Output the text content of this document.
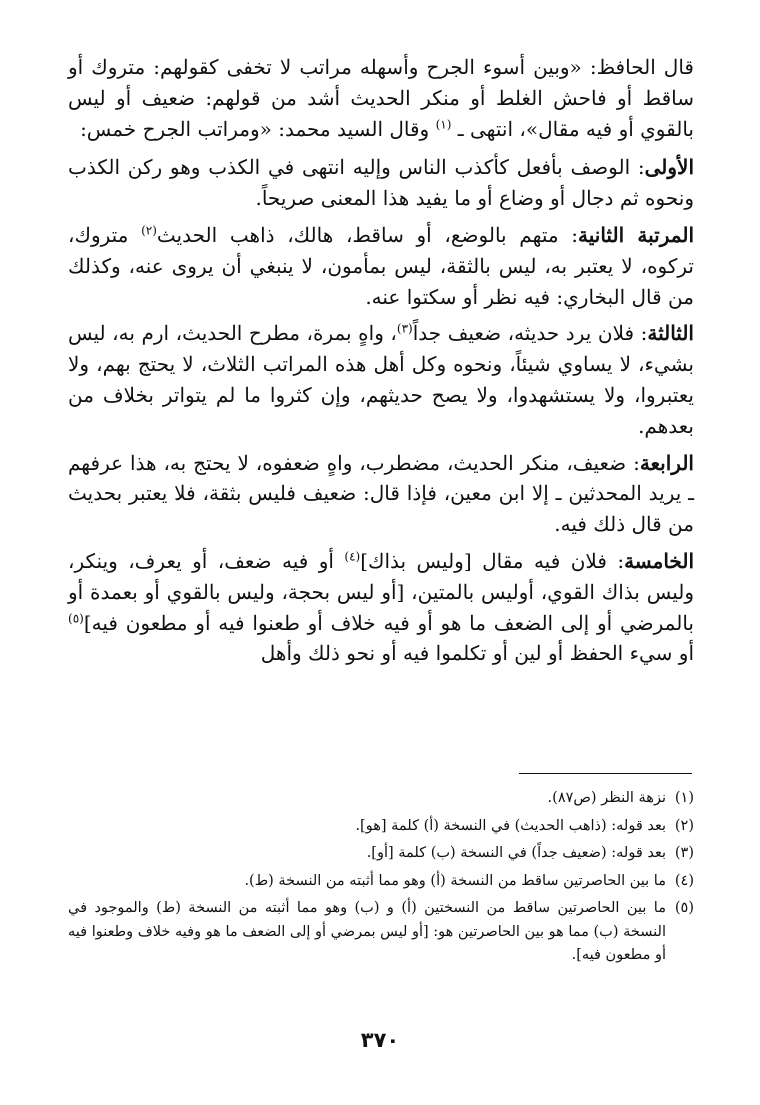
قال الحافظ: «وبين أسوء الجرح وأسهله مراتب لا تخفى كقولهم: متروك أو ساقط أو فاحش الغلط أو منكر الحديث أشد من قولهم: ضعيف أو ليس بالقوي أو فيه مقال»، انتهى ـ $^{(١)}$ وقال السيد محمد: «ومراتب الجرح خمس:

الأولى: الوصف بأفعل كأكذب الناس وإليه انتهى في الكذب وهو ركن الكذب ونحوه ثم دجال أو وضاع أو ما يفيد هذا المعنى صريحاً.

المرتبة الثانية: متهم بالوضع، أو ساقط، هالك، ذاهب الحديث$^{(٢)}$ متروك، تركوه، لا يعتبر به، ليس بالثقة، ليس بمأمون، لا ينبغي أن يروى عنه، وكذلك من قال البخاري: فيه نظر أو سكتوا عنه.

الثالثة: فلان يرد حديثه، ضعيف جداً$^{(٣)}$، واهٍ بمرة، مطرح الحديث، ارم به، ليس بشيء، لا يساوي شيئاً، ونحوه وكل أهل هذه المراتب الثلاث، لا يحتج بهم، ولا يعتبروا، ولا يستشهدوا، ولا يصح حديثهم، وإن كثروا ما لم يتواتر بخلاف من بعدهم.

الرابعة: ضعيف، منكر الحديث، مضطرب، واهٍ ضعفوه، لا يحتج به، هذا عرفهم ـ يريد المحدثين ـ إلا ابن معين، فإذا قال: ضعيف فليس بثقة، فلا يعتبر بحديث من قال ذلك فيه.

الخامسة: فلان فيه مقال [وليس بذاك]$^{(٤)}$ أو فيه ضعف، أو يعرف، وينكر، وليس بذاك القوي، أوليس بالمتين، [أو ليس بحجة، وليس بالقوي أو بعمدة أو بالمرضي أو إلى الضعف ما هو أو فيه خلاف أو طعنوا فيه أو مطعون فيه]$^{(٥)}$ أو سيء الحفظ أو لين أو تكلموا فيه أو نحو ذلك وأهل

(١)
نزهة النظر (ص٨٧).
(٢)
بعد قوله: (ذاهب الحديث) في النسخة (أ) كلمة [هو].
(٣)
بعد قوله: (ضعيف جداً) في النسخة (ب) كلمة [أو].
(٤)
ما بين الحاصرتين ساقط من النسخة (أ) وهو مما أثبته من النسخة (ط).
(٥)
ما بين الحاصرتين ساقط من النسختين (أ) و (ب) وهو مما أثبته من النسخة (ط) والموجود في النسخة (ب) مما هو بين الحاصرتين هو: [أو ليس بمرضي أو إلى الضعف ما هو وفيه خلاف وطعنوا فيه أو مطعون فيه].
٣٧٠
